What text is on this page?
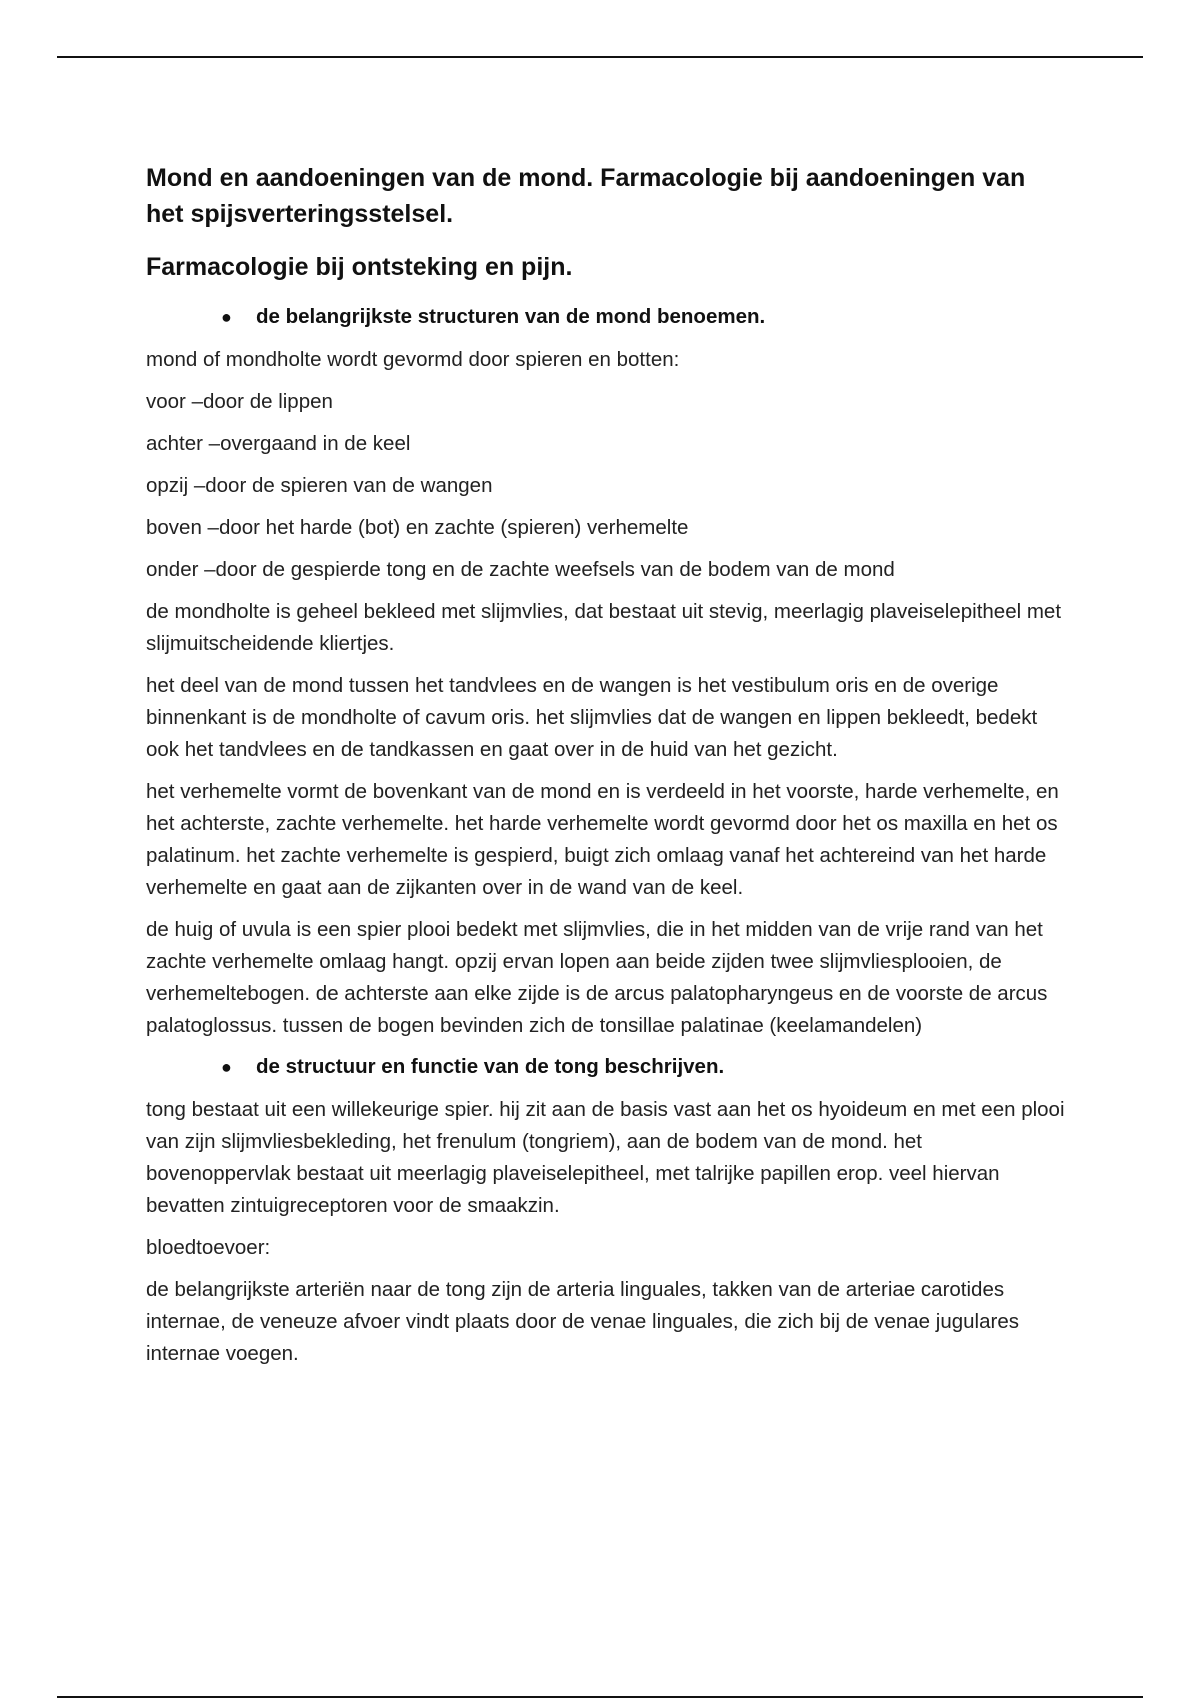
Mond en aandoeningen van de mond. Farmacologie bij aandoeningen van het spijsverteringsstelsel.
Farmacologie bij ontsteking en pijn.
● de belangrijkste structuren van de mond benoemen.

mond of mondholte wordt gevormd door spieren en botten:

voor –door de lippen

achter –overgaand in de keel

opzij –door de spieren van de wangen

boven –door het harde (bot) en zachte (spieren) verhemelte

onder –door de gespierde tong en de zachte weefsels van de bodem van de mond

de mondholte is geheel bekleed met slijmvlies, dat bestaat uit stevig, meerlagig plaveiselepitheel met slijmuitscheidende kliertjes.

het deel van de mond tussen het tandvlees en de wangen is het vestibulum oris en de overige binnenkant is de mondholte of cavum oris. het slijmvlies dat de wangen en lippen bekleedt, bedekt ook het tandvlees en de tandkassen en gaat over in de huid van het gezicht.

het verhemelte vormt de bovenkant van de mond en is verdeeld in het voorste, harde verhemelte, en het achterste, zachte verhemelte. het harde verhemelte wordt gevormd door het os maxilla en het os palatinum. het zachte verhemelte is gespierd, buigt zich omlaag vanaf het achtereind van het harde verhemelte en gaat aan de zijkanten over in de wand van de keel.

de huig of uvula is een spier plooi bedekt met slijmvlies, die in het midden van de vrije rand van het zachte verhemelte omlaag hangt. opzij ervan lopen aan beide zijden twee slijmvliesplooien, de verhemeltebogen. de achterste aan elke zijde is de arcus palatopharyngeus en de voorste de arcus palatoglossus. tussen de bogen bevinden zich de tonsillae palatinae (keelamandelen)

● de structuur en functie van de tong beschrijven.

tong bestaat uit een willekeurige spier. hij zit aan de basis vast aan het os hyoideum en met een plooi van zijn slijmvliesbekleding, het frenulum (tongriem), aan de bodem van de mond. het bovenoppervlak bestaat uit meerlagig plaveiselepitheel, met talrijke papillen erop. veel hiervan bevatten zintuigreceptoren voor de smaakzin.

bloedtoevoer:

de belangrijkste arteriën naar de tong zijn de arteria linguales, takken van de arteriae carotides internae, de veneuze afvoer vindt plaats door de venae linguales, die zich bij de venae jugulares internae voegen.
